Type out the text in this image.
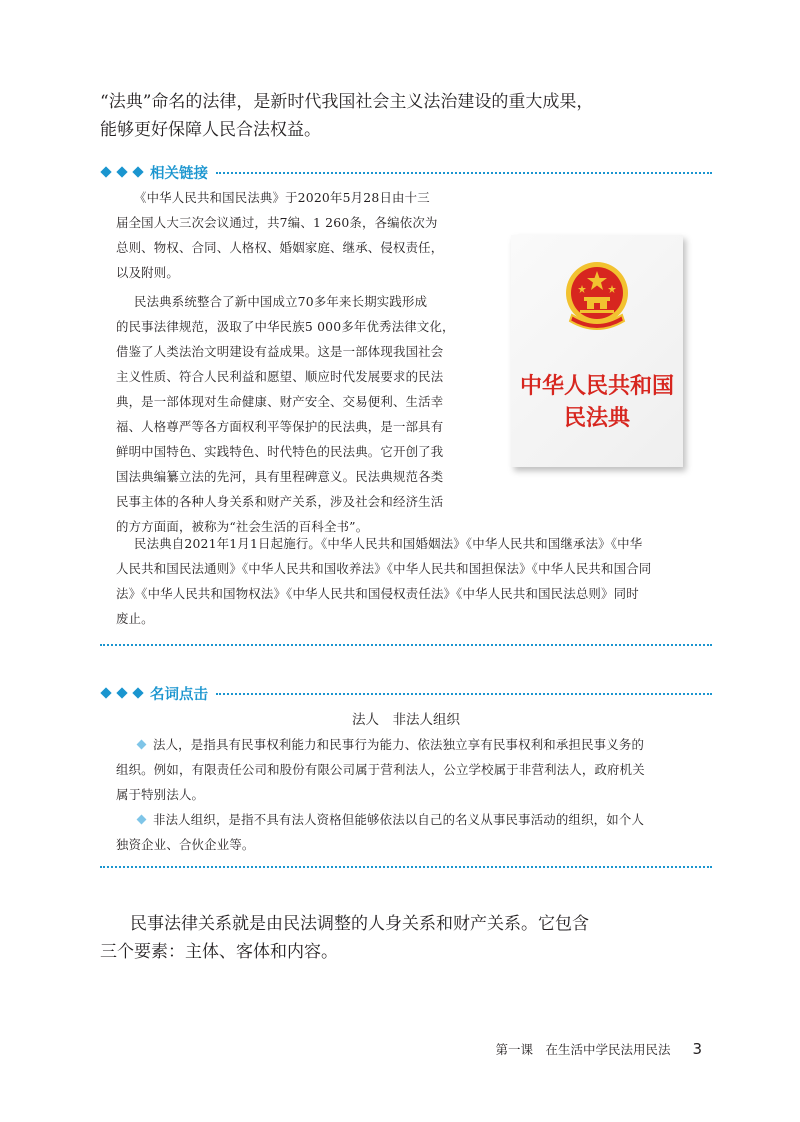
“法典”命名的法律，是新时代我国社会主义法治建设的重大成果，

能够更好保障人民合法权益。

相关链接

《中华人民共和国民法典》于2020年5月28日由十三

届全国人大三次会议通过，共7编、1 260条，各编依次为

总则、物权、合同、人格权、婚姻家庭、继承、侵权责任，

以及附则。

民法典系统整合了新中国成立70多年来长期实践形成

的民事法律规范，汲取了中华民族5 000多年优秀法律文化，

借鉴了人类法治文明建设有益成果。这是一部体现我国社会

主义性质、符合人民利益和愿望、顺应时代发展要求的民法

典，是一部体现对生命健康、财产安全、交易便利、生活幸

福、人格尊严等各方面权利平等保护的民法典，是一部具有

鲜明中国特色、实践特色、时代特色的民法典。它开创了我

国法典编纂立法的先河，具有里程碑意义。民法典规范各类

民事主体的各种人身关系和财产关系，涉及社会和经济生活

的方方面面，被称为“社会生活的百科全书”。

中华人民共和国
民法典

民法典自2021年1月1日起施行。《中华人民共和国婚姻法》《中华人民共和国继承法》《中华

人民共和国民法通则》《中华人民共和国收养法》《中华人民共和国担保法》《中华人民共和国合同

法》《中华人民共和国物权法》《中华人民共和国侵权责任法》《中华人民共和国民法总则》同时

废止。

名词点击

法人　非法人组织

法人，是指具有民事权利能力和民事行为能力、依法独立享有民事权利和承担民事义务的

组织。例如，有限责任公司和股份有限公司属于营利法人，公立学校属于非营利法人，政府机关

属于特别法人。

非法人组织，是指不具有法人资格但能够依法以自己的名义从事民事活动的组织，如个人

独资企业、合伙企业等。

民事法律关系就是由民法调整的人身关系和财产关系。它包含

三个要素：主体、客体和内容。

第一课　在生活中学民法用民法 3
